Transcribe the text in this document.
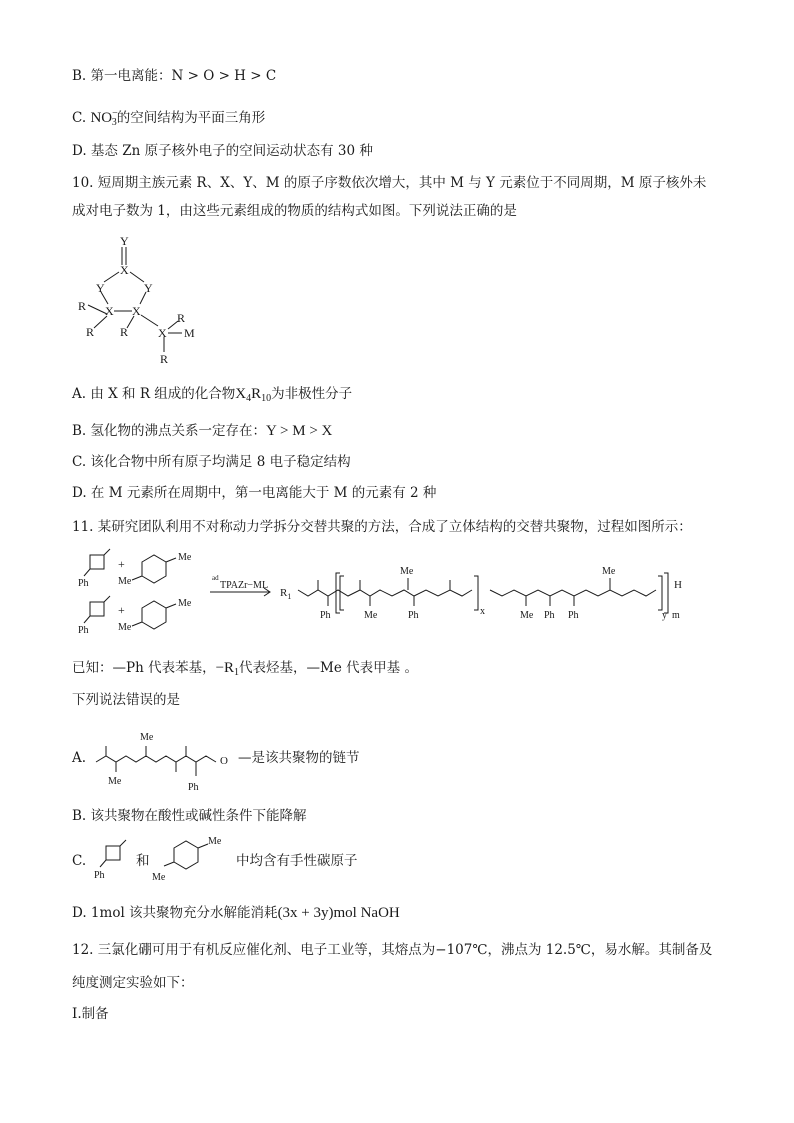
B. 第一电离能：N > O > H > C
C. $NO^-_3$的空间结构为平面三角形
D. 基态 Zn 原子核外电子的空间运动状态有 30 种
10. 短周期主族元素 R、X、Y、M 的原子序数依次增大，其中 M 与 Y 元素位于不同周期，M 原子核外未
成对电子数为 1，由这些元素组成的物质的结构式如图。下列说法正确的是
Y
X
Y	Y
X X
R
R R X
R
M
R
A. 由 X 和 R 组成的化合物$X_4R_{10}$为非极性分子
B. 氢化物的沸点关系一定存在：Y > M > X
C. 该化合物中所有原子均满足 8 电子稳定结构
D. 在 M 元素所在周期中，第一电离能大于 M 的元素有 2 种
11. 某研究团队利用不对称动力学拆分交替共聚的方法，合成了立体结构的交替共聚物，过程如图所示：
Ph
+	Me
Me
Ph
+	Me
Me
ad
TPAZr−ML
$R_1$
Ph	Me
Me
Ph	x	Me Ph
Me
Ph	y
H
m
已知：—Ph 代表苯基，$-R_1$代表烃基，—Me 代表甲基 。
下列说法错误的是
A.
Me
Me
Ph
O —是该共聚物的链节
B. 该共聚物在酸性或碱性条件下能降解
C.
Ph
和
Me
Me
中均含有手性碳原子
D. 1mol 该共聚物充分水解能消耗(3x + 3y)mol NaOH
12. 三氯化硼可用于有机反应催化剂、电子工业等，其熔点为−107℃，沸点为 12.5℃，易水解。其制备及
纯度测定实验如下：
Ⅰ.制备
